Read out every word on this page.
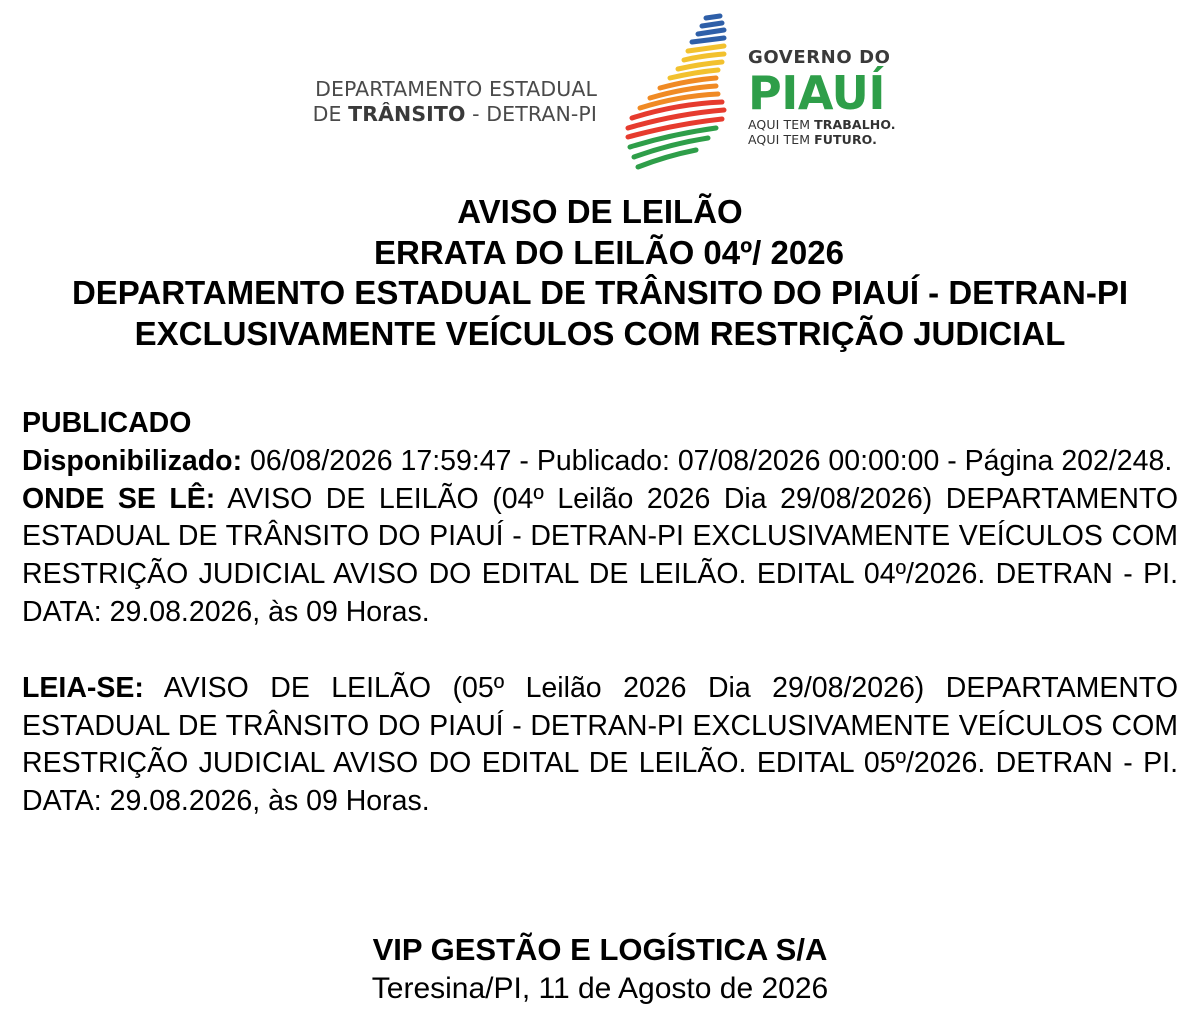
DEPARTAMENTO ESTADUAL
DE TRÂNSITO - DETRAN-PI
GOVERNO DO
PIAUÍ
AQUI TEM TRABALHO.
AQUI TEM FUTURO.
AVISO DE LEILÃO
ERRATA DO LEILÃO 04º/ 2026
DEPARTAMENTO ESTADUAL DE TRÂNSITO DO PIAUÍ - DETRAN-PI
EXCLUSIVAMENTE VEÍCULOS COM RESTRIÇÃO JUDICIAL

PUBLICADO

Disponibilizado: 06/08/2026 17:59:47 - Publicado: 07/08/2026 00:00:00 - Página 202/248.

ONDE SE LÊ: AVISO DE LEILÃO (04º Leilão 2026 Dia 29/08/2026) DEPARTAMENTO ESTADUAL DE TRÂNSITO DO PIAUÍ - DETRAN-PI EXCLUSIVAMENTE VEÍCULOS COM RESTRIÇÃO JUDICIAL AVISO DO EDITAL DE LEILÃO. EDITAL 04º/2026. DETRAN - PI. DATA: 29.08.2026, às 09 Horas.

LEIA-SE: AVISO DE LEILÃO (05º Leilão 2026 Dia 29/08/2026) DEPARTAMENTO ESTADUAL DE TRÂNSITO DO PIAUÍ - DETRAN-PI EXCLUSIVAMENTE VEÍCULOS COM RESTRIÇÃO JUDICIAL AVISO DO EDITAL DE LEILÃO. EDITAL 05º/2026. DETRAN - PI. DATA: 29.08.2026, às 09 Horas.

VIP GESTÃO E LOGÍSTICA S/A
Teresina/PI, 11 de Agosto de 2026
